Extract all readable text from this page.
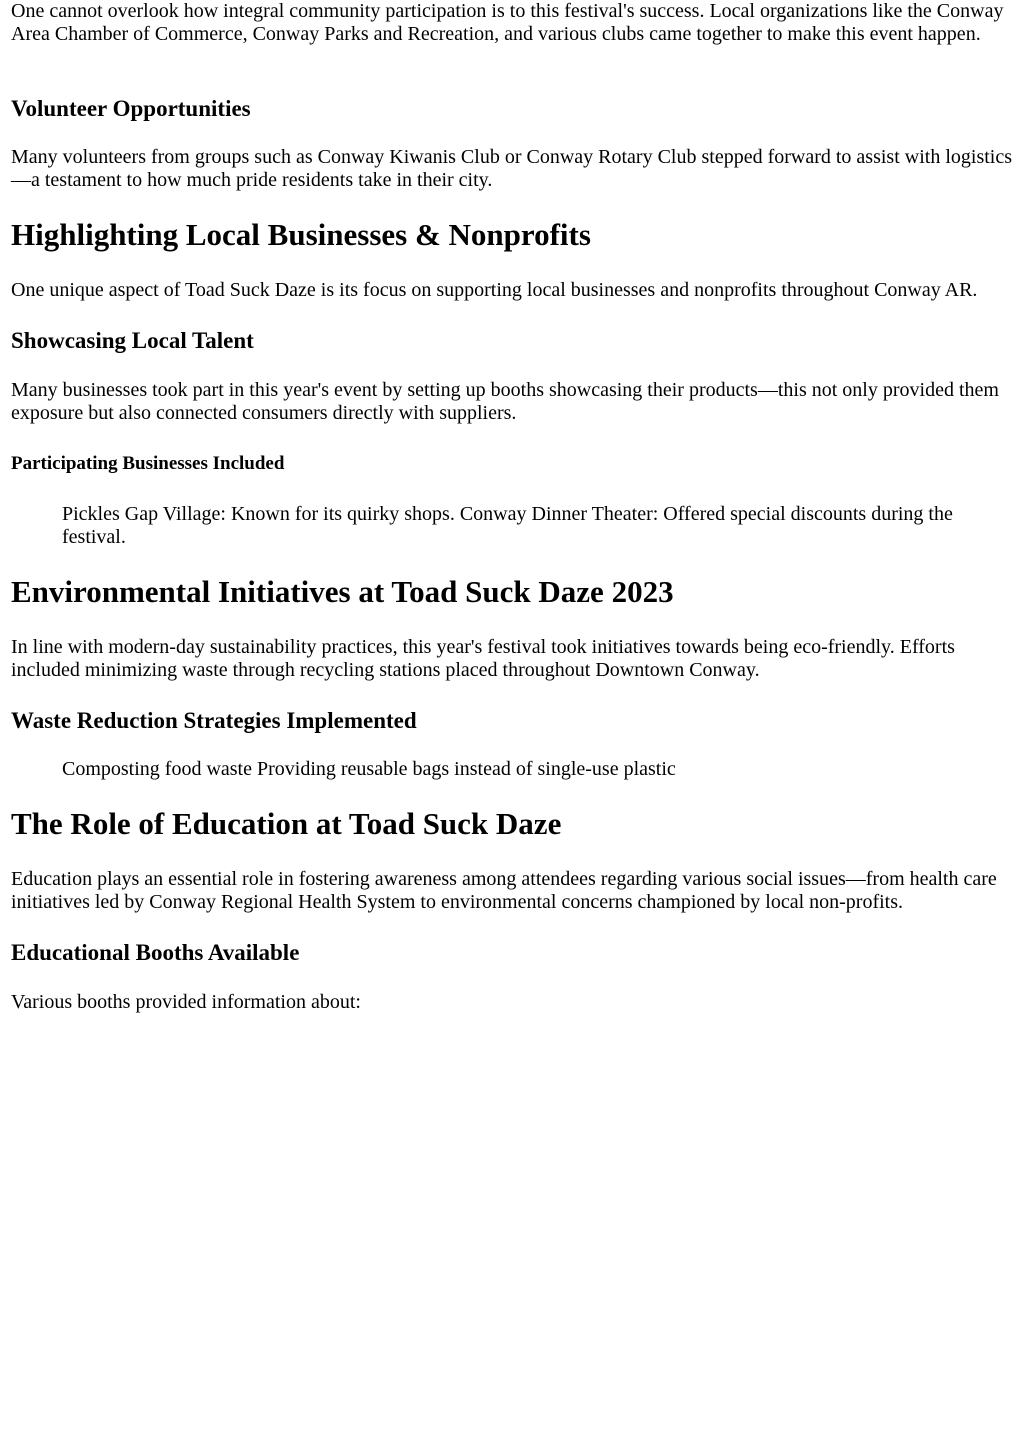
One cannot overlook how integral community participation is to this festival's success. Local organizations like the Conway Area Chamber of Commerce, Conway Parks and Recreation, and various clubs came together to make this event happen.

Volunteer Opportunities

Many volunteers from groups such as Conway Kiwanis Club or Conway Rotary Club stepped forward to assist with logistics—a testament to how much pride residents take in their city.

Highlighting Local Businesses & Nonprofits

One unique aspect of Toad Suck Daze is its focus on supporting local businesses and nonprofits throughout Conway AR.

Showcasing Local Talent

Many businesses took part in this year's event by setting up booths showcasing their products—this not only provided them exposure but also connected consumers directly with suppliers.

Participating Businesses Included
Pickles Gap Village: Known for its quirky shops. Conway Dinner Theater: Offered special discounts during the festival.
Environmental Initiatives at Toad Suck Daze 2023

In line with modern-day sustainability practices, this year's festival took initiatives towards being eco-friendly. Efforts included minimizing waste through recycling stations placed throughout Downtown Conway.

Waste Reduction Strategies Implemented
Composting food waste Providing reusable bags instead of single-use plastic
The Role of Education at Toad Suck Daze

Education plays an essential role in fostering awareness among attendees regarding various social issues—from health care initiatives led by Conway Regional Health System to environmental concerns championed by local non-profits.

Educational Booths Available

Various booths provided information about:
